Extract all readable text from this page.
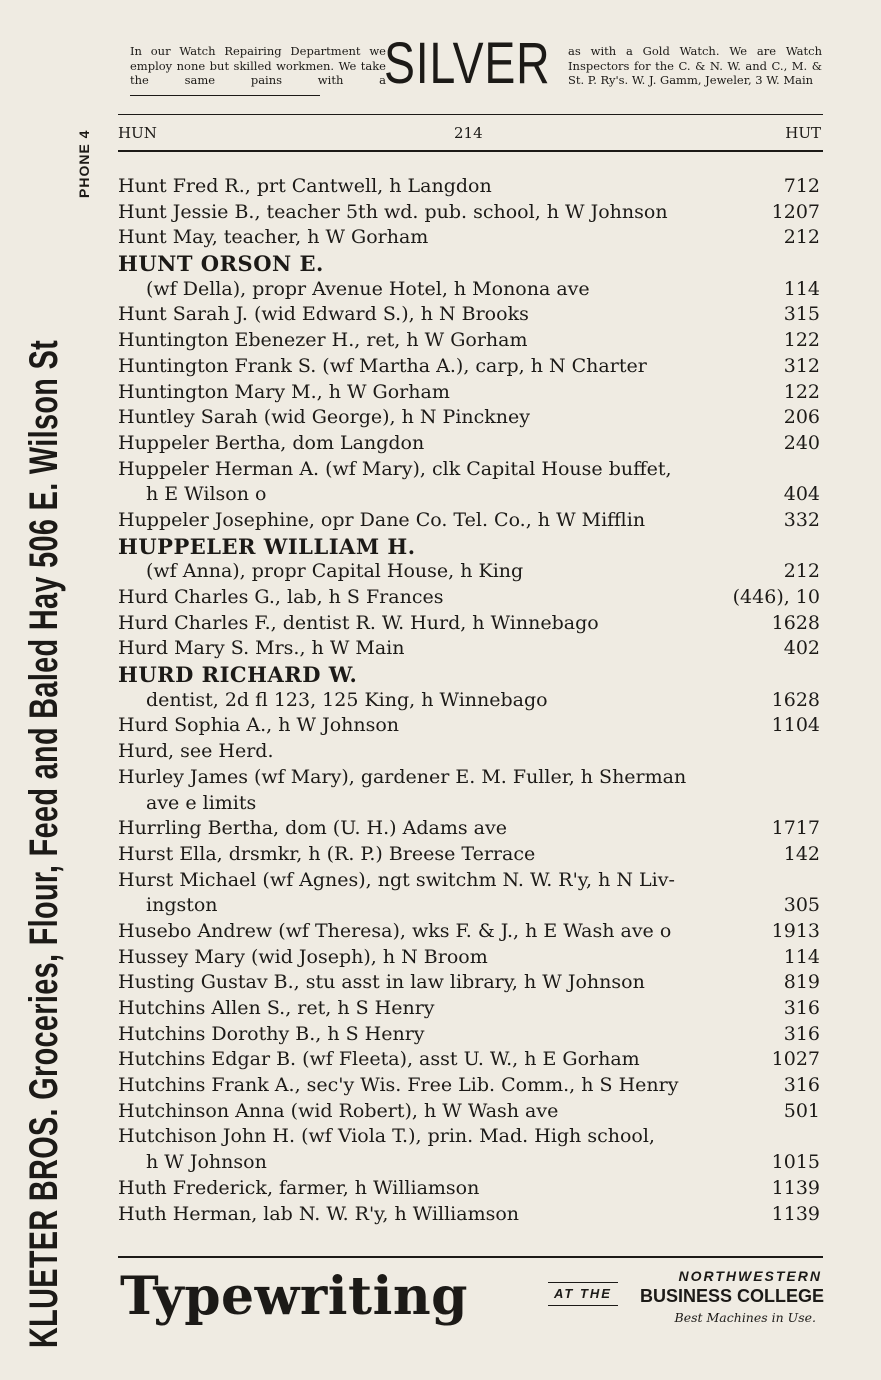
KLUETER BROS. Groceries, Flour, Feed and Baled Hay 506 E. Wilson St
PHONE 4
In our Watch Repairing Department we employ none but skilled workmen. We take the same pains with a
SILVER as with a Gold Watch. We are Watch Inspectors for the C. & N. W. and C., M. & St. P. Ry's. W. J. Gamm, Jeweler, 3 W. Main
HUN	214	HUT
Hunt Fred R., prt Cantwell, h Langdon	712
Hunt Jessie B., teacher 5th wd. pub. school, h W Johnson	1207
Hunt May, teacher, h W Gorham	212
HUNT ORSON E.
(wf Della), propr Avenue Hotel, h Monona ave	114
Hunt Sarah J. (wid Edward S.), h N Brooks	315
Huntington Ebenezer H., ret, h W Gorham	122
Huntington Frank S. (wf Martha A.), carp, h N Charter	312
Huntington Mary M., h W Gorham	122
Huntley Sarah (wid George), h N Pinckney	206
Huppeler Bertha, dom Langdon	240
Huppeler Herman A. (wf Mary), clk Capital House buffet,
h E Wilson o	404
Huppeler Josephine, opr Dane Co. Tel. Co., h W Mifflin	332
HUPPELER WILLIAM H.
(wf Anna), propr Capital House, h King	212
Hurd Charles G., lab, h S Frances	(446), 10
Hurd Charles F., dentist R. W. Hurd, h Winnebago	1628
Hurd Mary S. Mrs., h W Main	402
HURD RICHARD W.
dentist, 2d fl 123, 125 King, h Winnebago	1628
Hurd Sophia A., h W Johnson	1104
Hurd, see Herd.
Hurley James (wf Mary), gardener E. M. Fuller, h Sherman
ave e limits
Hurrling Bertha, dom (U. H.) Adams ave	1717
Hurst Ella, drsmkr, h (R. P.) Breese Terrace	142
Hurst Michael (wf Agnes), ngt switchm N. W. R'y, h N Liv-
ingston	305
Husebo Andrew (wf Theresa), wks F. & J., h E Wash ave o	1913
Hussey Mary (wid Joseph), h N Broom	114
Husting Gustav B., stu asst in law library, h W Johnson	819
Hutchins Allen S., ret, h S Henry	316
Hutchins Dorothy B., h S Henry	316
Hutchins Edgar B. (wf Fleeta), asst U. W., h E Gorham	1027
Hutchins Frank A., sec'y Wis. Free Lib. Comm., h S Henry	316
Hutchinson Anna (wid Robert), h W Wash ave	501
Hutchison John H. (wf Viola T.), prin. Mad. High school,
h W Johnson	1015
Huth Frederick, farmer, h Williamson	1139
Huth Herman, lab N. W. R'y, h Williamson	1139
Typewriting	AT THE
NORTHWESTERN
BUSINESS COLLEGE
Best Machines in Use.
